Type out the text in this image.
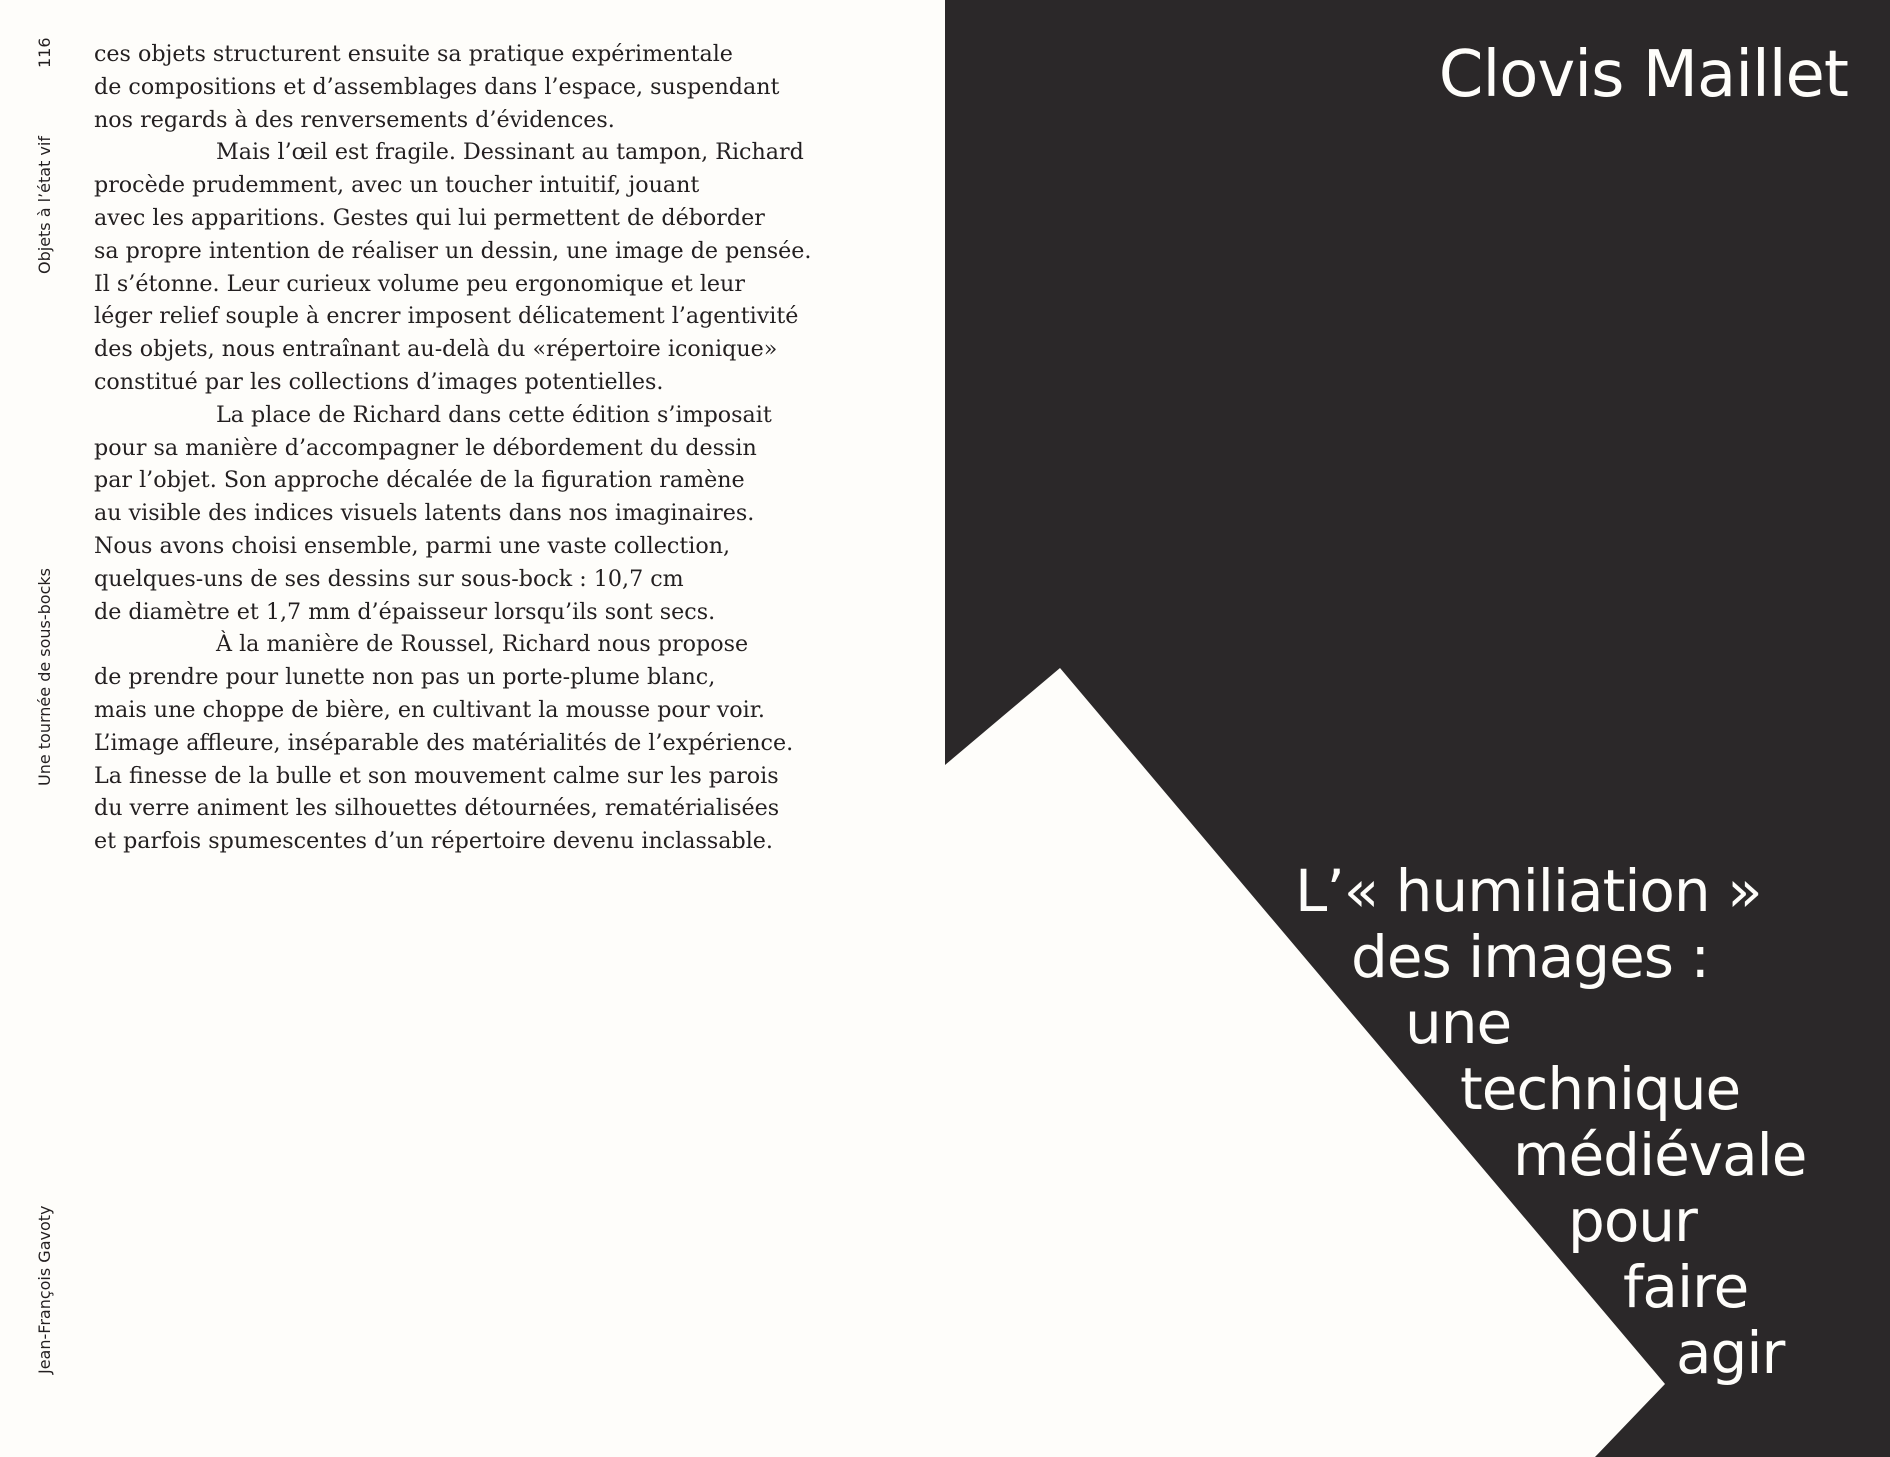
116
Objets à l’état vif
Une tournée de sous-bocks
Jean-François Gavoty

ces objets structurent ensuite sa pratique expérimentale
de compositions et d’assemblages dans l’espace, suspendant
nos regards à des renversements d’évidences.

Mais l’œil est fragile. Dessinant au tampon, Richard
procède prudemment, avec un toucher intuitif, jouant
avec les apparitions. Gestes qui lui permettent de déborder
sa propre intention de réaliser un dessin, une image de pensée.
Il s’étonne. Leur curieux volume peu ergonomique et leur
léger relief souple à encrer imposent délicatement l’agentivité
des objets, nous entraînant au-delà du «répertoire iconique»
constitué par les collections d’images potentielles.

La place de Richard dans cette édition s’imposait
pour sa manière d’accompagner le débordement du dessin
par l’objet. Son approche décalée de la figuration ramène
au visible des indices visuels latents dans nos imaginaires.
Nous avons choisi ensemble, parmi une vaste collection,
quelques-uns de ses dessins sur sous-bock : 10,7 cm
de diamètre et 1,7 mm d’épaisseur lorsqu’ils sont secs.

À la manière de Roussel, Richard nous propose
de prendre pour lunette non pas un porte-plume blanc,
mais une choppe de bière, en cultivant la mousse pour voir.
L’image affleure, inséparable des matérialités de l’expérience.
La finesse de la bulle et son mouvement calme sur les parois
du verre animent les silhouettes détournées, rematérialisées
et parfois spumescentes d’un répertoire devenu inclassable.

Clovis Maillet
L’« humiliation »
des images :
une
technique
médiévale
pour
faire
agir
